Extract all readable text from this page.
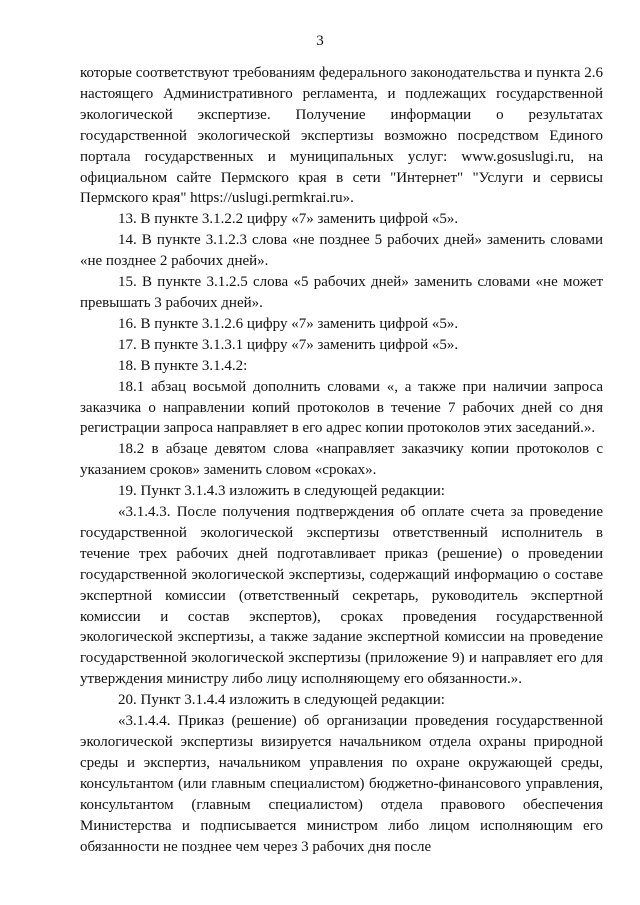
3

которые соответствуют требованиям федерального законодательства и пункта 2.6 настоящего Административного регламента, и подлежащих государственной экологической экспертизе. Получение информации о результатах государственной экологической экспертизы возможно посредством Единого портала государственных и муниципальных услуг: www.gosuslugi.ru, на официальном сайте Пермского края в сети "Интернет" "Услуги и сервисы Пермского края" https://uslugi.permkrai.ru».

13. В пункте 3.1.2.2 цифру «7» заменить цифрой «5».

14. В пункте 3.1.2.3 слова «не позднее 5 рабочих дней» заменить словами «не позднее 2 рабочих дней».

15. В пункте 3.1.2.5 слова «5 рабочих дней» заменить словами «не может превышать 3 рабочих дней».

16. В пункте 3.1.2.6 цифру «7» заменить цифрой «5».

17. В пункте 3.1.3.1 цифру «7» заменить цифрой «5».

18. В пункте 3.1.4.2:

18.1 абзац восьмой дополнить словами «, а также при наличии запроса заказчика о направлении копий протоколов в течение 7 рабочих дней со дня регистрации запроса направляет в его адрес копии протоколов этих заседаний.».

18.2 в абзаце девятом слова «направляет заказчику копии протоколов с указанием сроков» заменить словом «сроках».

19. Пункт 3.1.4.3 изложить в следующей редакции:

«3.1.4.3. После получения подтверждения об оплате счета за проведение государственной экологической экспертизы ответственный исполнитель в течение трех рабочих дней подготавливает приказ (решение) о проведении государственной экологической экспертизы, содержащий информацию о составе экспертной комиссии (ответственный секретарь, руководитель экспертной комиссии и состав экспертов), сроках проведения государственной экологической экспертизы, а также задание экспертной комиссии на проведение государственной экологической экспертизы (приложение 9) и направляет его для утверждения министру либо лицу исполняющему его обязанности.».

20. Пункт 3.1.4.4 изложить в следующей редакции:

«3.1.4.4. Приказ (решение) об организации проведения государственной экологической экспертизы визируется начальником отдела охраны природной среды и экспертиз, начальником управления по охране окружающей среды, консультантом (или главным специалистом) бюджетно-финансового управления, консультантом (главным специалистом) отдела правового обеспечения Министерства и подписывается министром либо лицом исполняющим его обязанности не позднее чем через 3 рабочих дня после
